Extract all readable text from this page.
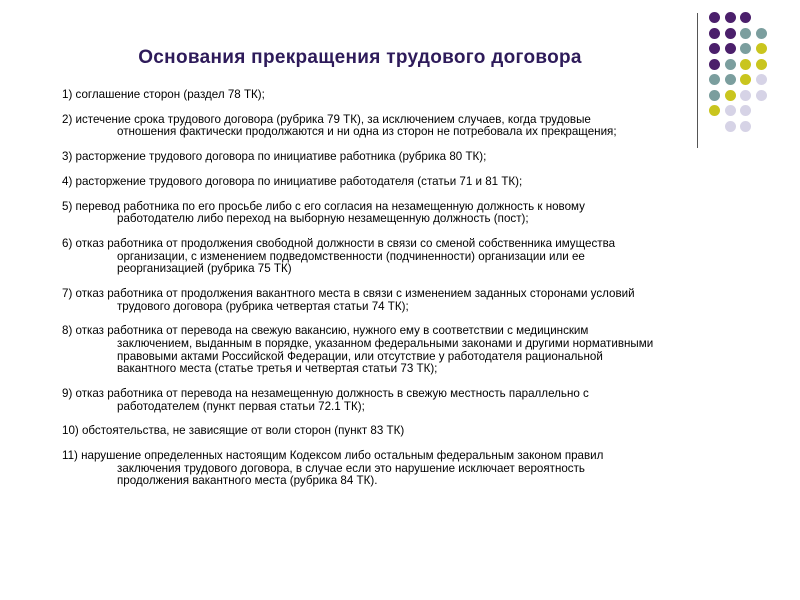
Основания прекращения трудового договора
1) соглашение сторон (раздел 78 ТК);
2) истечение срока трудового договора (рубрика 79 ТК), за исключением случаев, когда трудовые
отношения фактически продолжаются и ни одна из сторон не потребовала их прекращения;
3) расторжение трудового договора по инициативе работника (рубрика 80 ТК);
4) расторжение трудового договора по инициативе работодателя (статьи 71 и 81 ТК);
5) перевод работника по его просьбе либо с его согласия на незамещенную должность к новому
работодателю либо переход на выборную незамещенную должность (пост);
6) отказ работника от продолжения свободной должности в связи со сменой собственника имущества
организации, с изменением подведомственности (подчиненности) организации или ее
реорганизацией (рубрика 75 ТК)
7) отказ работника от продолжения вакантного места в связи с изменением заданных сторонами условий
трудового договора (рубрика четвертая статьи 74 ТК);
8) отказ работника от перевода на свежую вакансию, нужного ему в соответствии с медицинским
заключением, выданным в порядке, указанном федеральными законами и другими нормативными
правовыми актами Российской Федерации, или отсутствие у работодателя рациональной
вакантного места (статье третья и четвертая статьи 73 ТК);
9) отказ работника от перевода на незамещенную должность в свежую местность параллельно с
работодателем (пункт первая статьи 72.1 ТК);
10) обстоятельства, не зависящие от воли сторон (пункт 83 ТК)
11) нарушение определенных настоящим Кодексом либо остальным федеральным законом правил
заключения трудового договора, в случае если это нарушение исключает вероятность
продолжения вакантного места (рубрика 84 ТК).
